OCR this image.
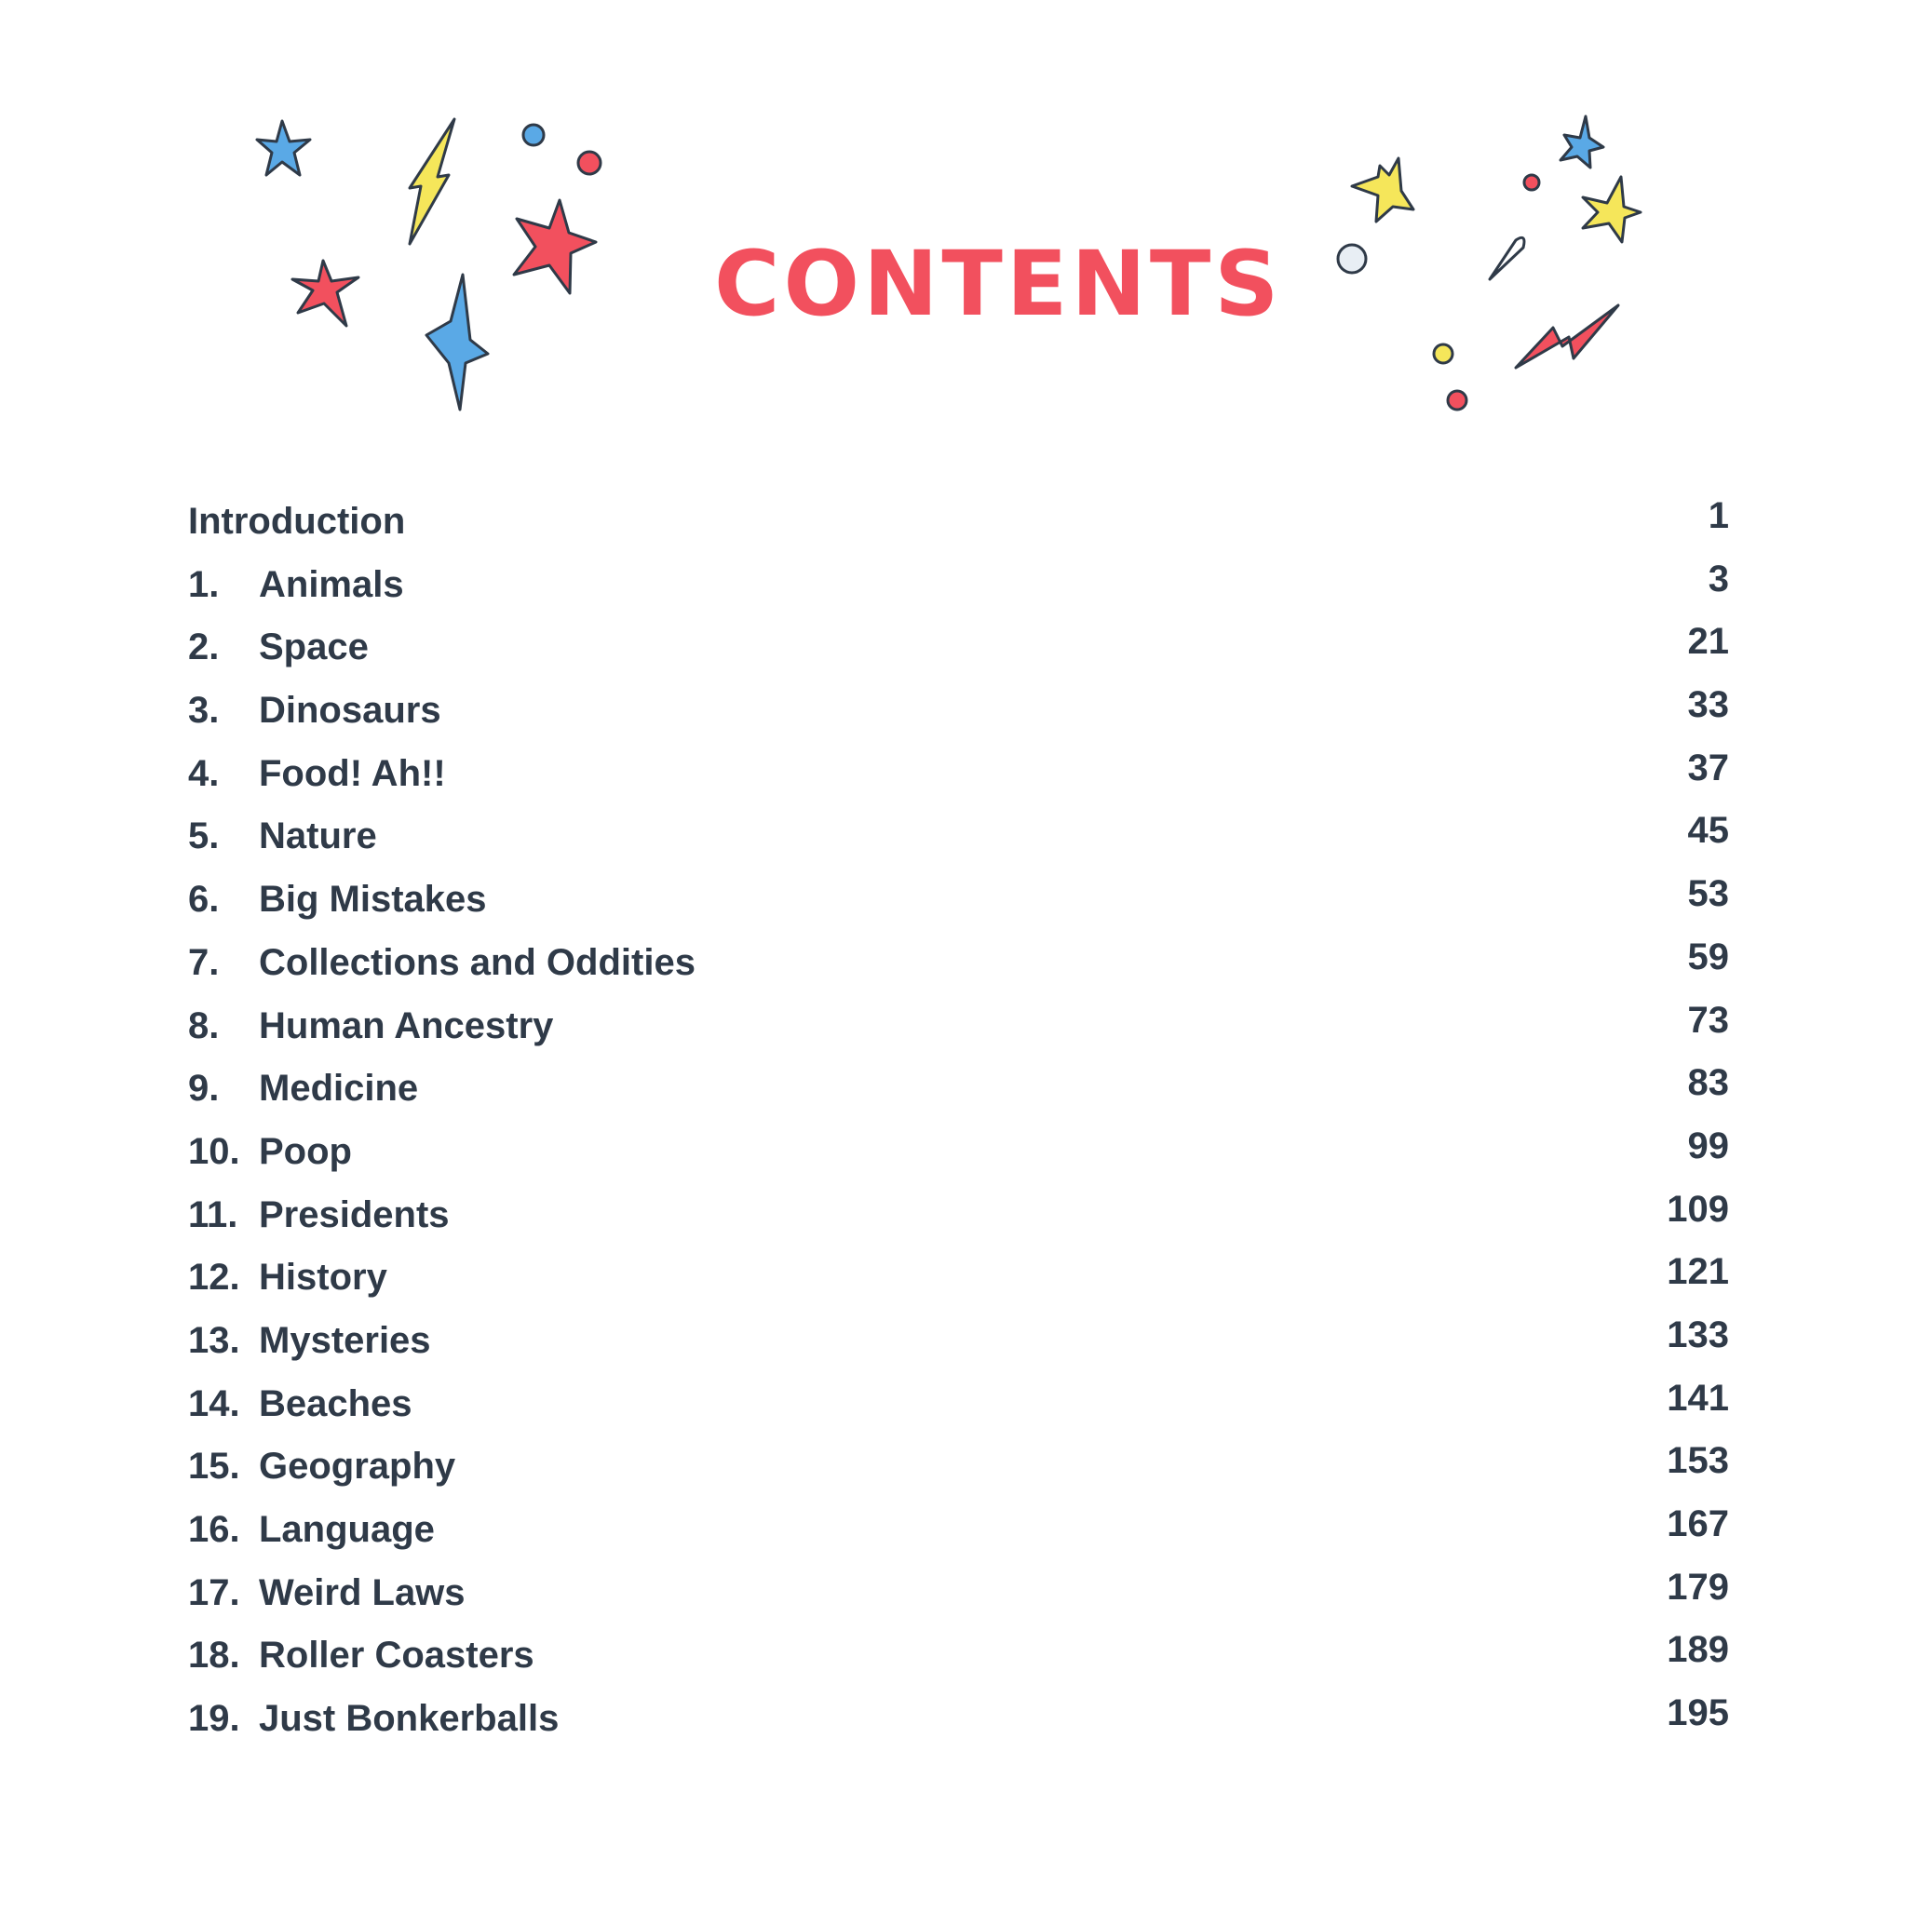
CONTENTS
Introduction	1
1. Animals	3
2. Space	21
3. Dinosaurs	33
4. Food! Ah!!	37
5. Nature	45
6. Big Mistakes	53
7. Collections and Oddities	59
8. Human Ancestry	73
9. Medicine	83
10. Poop	99
11. Presidents	109
12. History	121
13. Mysteries	133
14. Beaches	141
15. Geography	153
16. Language	167
17. Weird Laws	179
18. Roller Coasters	189
19. Just Bonkerballs	195
